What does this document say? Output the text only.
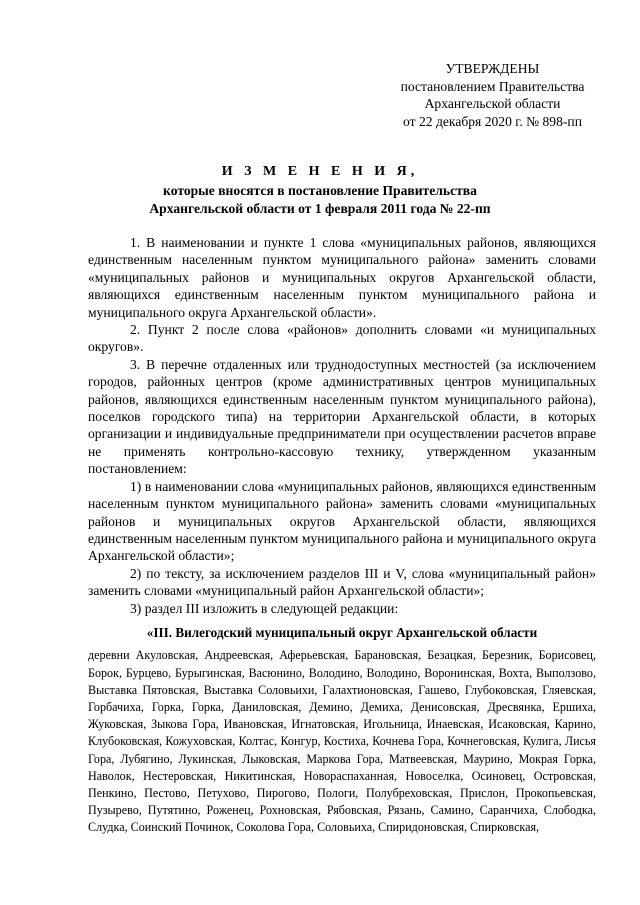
УТВЕРЖДЕНЫ
постановлением Правительства
Архангельской области
от 22 декабря 2020 г. № 898-пп
И З М Е Н Е Н И Я,
которые вносятся в постановление Правительства
Архангельской области от 1 февраля 2011 года № 22-пп

1. В наименовании и пункте 1 слова «муниципальных районов, являющихся единственным населенным пунктом муниципального района» заменить словами «муниципальных районов и муниципальных округов Архангельской области, являющихся единственным населенным пунктом муниципального района и муниципального округа Архангельской области».

2. Пункт 2 после слова «районов» дополнить словами «и муниципальных округов».

3. В перечне отдаленных или труднодоступных местностей (за исключением городов, районных центров (кроме административных центров муниципальных районов, являющихся единственным населенным пунктом муниципального района), поселков городского типа) на территории Архангельской области, в которых организации и индивидуальные предприниматели при осуществлении расчетов вправе не применять контрольно-кассовую технику, утвержденном указанным постановлением:

1) в наименовании слова «муниципальных районов, являющихся единственным населенным пунктом муниципального района» заменить словами «муниципальных районов и муниципальных округов Архангельской области, являющихся единственным населенным пунктом муниципального района и муниципального округа Архангельской области»;

2) по тексту, за исключением разделов III и V, слова «муниципальный район» заменить словами «муниципальный район Архангельской области»;

3) раздел III изложить в следующей редакции:

«III. Вилегодский муниципальный округ Архангельской области

деревни Акуловская, Андреевская, Аферьевская, Барановская, Безацкая, Березник, Борисовец, Борок, Бурцево, Бурыгинская, Васюнино, Володино, Володино, Воронинская, Вохта, Выползово, Выставка Пятовская, Выставка Соловьихи, Галахтионовская, Гашево, Глубоковская, Гляевская, Горбачиха, Горка, Горка, Даниловская, Демино, Демиха, Денисовская, Дресвянка, Ершиха, Жуковская, Зыкова Гора, Ивановская, Игнатовская, Игольница, Инаевская, Исаковская, Карино, Клубоковская, Кожуховская, Колтас, Конгур, Костиха, Кочнева Гора, Кочнеговская, Кулига, Лисья Гора, Лубягино, Лукинская, Лыковская, Маркова Гора, Матвеевская, Маурино, Мокрая Горка, Наволок, Нестеровская, Никитинская, Новораспаханная, Новоселка, Осиновец, Островская, Пенкино, Пестово, Петухово, Пирогово, Пологи, Полубреховская, Прислон, Прокопьевская, Пузырево, Путятино, Роженец, Рохновская, Рябовская, Рязань, Самино, Саранчиха, Слободка, Слудка, Соинский Починок, Соколова Гора, Соловьиха, Спиридоновская, Спирковская,
